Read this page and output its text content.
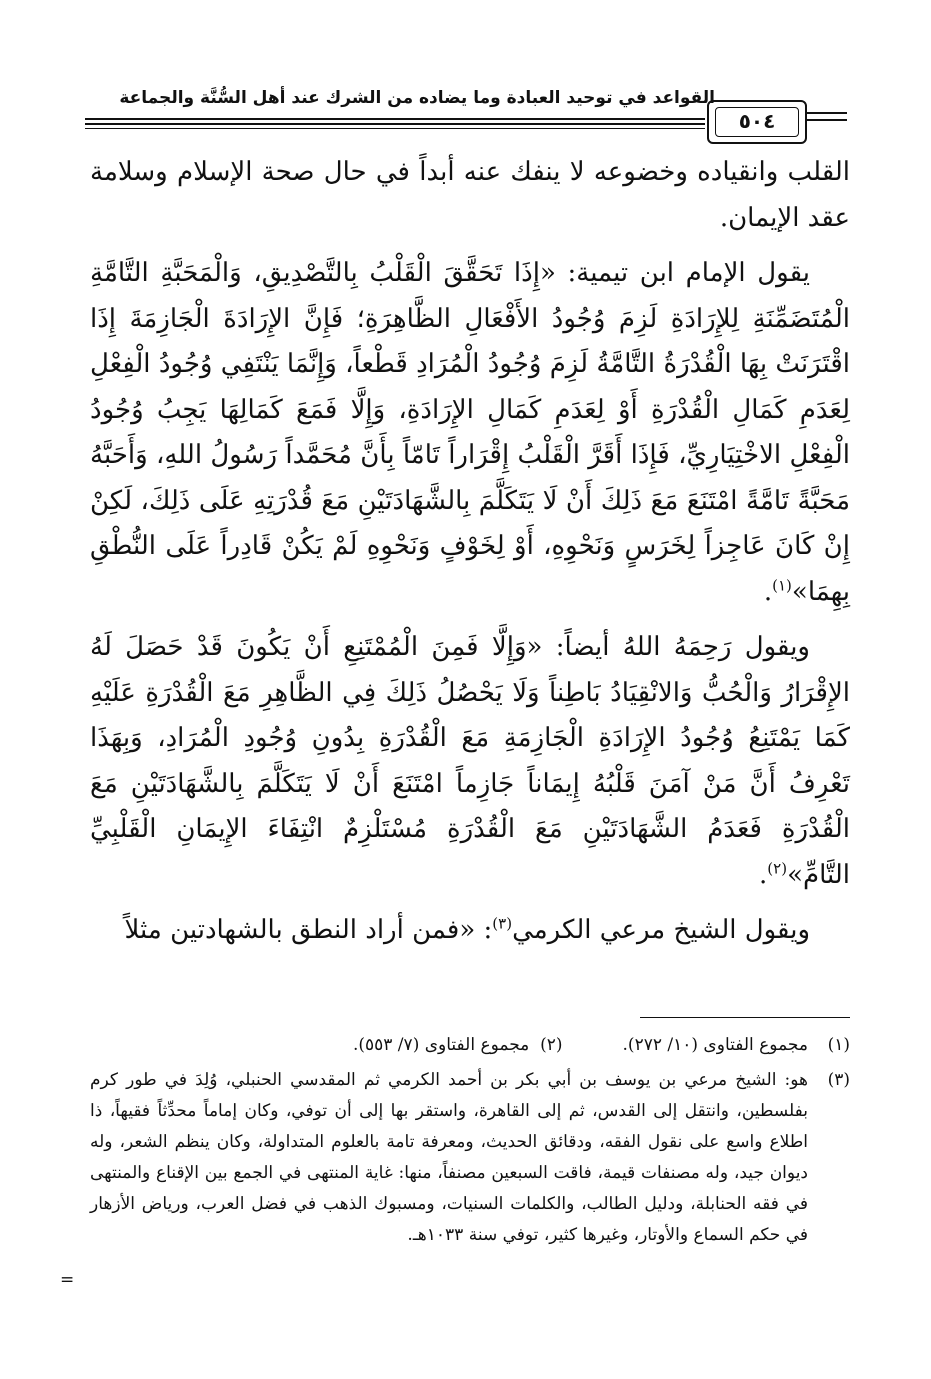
القواعد في توحيد العبادة وما يضاده من الشرك عند أهل السُّنَّة والجماعة
٥٠٤

القلب وانقياده وخضوعه لا ينفك عنه أبداً في حال صحة الإسلام وسلامة عقد الإيمان.

يقول الإمام ابن تيمية: «إِذَا تَحَقَّقَ الْقَلْبُ بِالتَّصْدِيقِ، وَالْمَحَبَّةِ التَّامَّةِ الْمُتَضَمِّنَةِ لِلإِرَادَةِ لَزِمَ وُجُودُ الأَفْعَالِ الظَّاهِرَةِ؛ فَإِنَّ الإِرَادَةَ الْجَازِمَةَ إِذَا اقْتَرَنَتْ بِهَا الْقُدْرَةُ التَّامَّةُ لَزِمَ وُجُودُ الْمُرَادِ قَطْعاً، وَإِنَّمَا يَنْتَفِي وُجُودُ الْفِعْلِ لِعَدَمِ كَمَالِ الْقُدْرَةِ أَوْ لِعَدَمِ كَمَالِ الإِرَادَةِ، وَإِلَّا فَمَعَ كَمَالِهَا يَجِبُ وُجُودُ الْفِعْلِ الاخْتِيَارِيِّ، فَإِذَا أَقَرَّ الْقَلْبُ إِقْرَاراً تَامّاً بِأَنَّ مُحَمَّداً رَسُولُ اللهِ، وَأَحَبَّهُ مَحَبَّةً تَامَّةً امْتَنَعَ مَعَ ذَلِكَ أَنْ لَا يَتَكَلَّمَ بِالشَّهَادَتَيْنِ مَعَ قُدْرَتِهِ عَلَى ذَلِكَ، لَكِنْ إِنْ كَانَ عَاجِزاً لِخَرَسٍ وَنَحْوِهِ، أَوْ لِخَوْفٍ وَنَحْوِهِ لَمْ يَكُنْ قَادِراً عَلَى النُّطْقِ بِهِمَا»$^{(١)}$.

ويقول رَحِمَهُ اللهُ أيضاً: «وَإِلَّا فَمِنَ الْمُمْتَنِعِ أَنْ يَكُونَ قَدْ حَصَلَ لَهُ الإِقْرَارُ وَالْحُبُّ وَالانْقِيَادُ بَاطِناً وَلَا يَحْصُلُ ذَلِكَ فِي الظَّاهِرِ مَعَ الْقُدْرَةِ عَلَيْهِ كَمَا يَمْتَنِعُ وُجُودُ الإِرَادَةِ الْجَازِمَةِ مَعَ الْقُدْرَةِ بِدُونِ وُجُودِ الْمُرَادِ، وَبِهَذَا تَعْرِفُ أَنَّ مَنْ آمَنَ قَلْبُهُ إِيمَاناً جَازِماً امْتَنَعَ أَنْ لَا يَتَكَلَّمَ بِالشَّهَادَتَيْنِ مَعَ الْقُدْرَةِ فَعَدَمُ الشَّهَادَتَيْنِ مَعَ الْقُدْرَةِ مُسْتَلْزِمٌ انْتِفَاءَ الإِيمَانِ الْقَلْبِيِّ التَّامِّ»$^{(٢)}$.

ويقول الشيخ مرعي الكرمي$^{(٣)}$: «فمن أراد النطق بالشهادتين مثلاً

(١)
مجموع الفتاوى (١٠/ ٢٧٢).(٢)  مجموع الفتاوى (٧/ ٥٥٣).
(٣)
هو: الشيخ مرعي بن يوسف بن أبي بكر بن أحمد الكرمي ثم المقدسي الحنبلي، وُلِدَ في طور كرم بفلسطين، وانتقل إلى القدس، ثم إلى القاهرة، واستقر بها إلى أن توفي، وكان إماماً محدِّثاً فقيهاً، ذا اطلاع واسع على نقول الفقه، ودقائق الحديث، ومعرفة تامة بالعلوم المتداولة، وكان ينظم الشعر، وله ديوان جيد، وله مصنفات قيمة، فاقت السبعين مصنفاً، منها: غاية المنتهى في الجمع بين الإقناع والمنتهى في فقه الحنابلة، ودليل الطالب، والكلمات السنيات، ومسبوك الذهب في فضل العرب، ورياض الأزهار في حكم السماع والأوتار، وغيرها كثير، توفي سنة ١٠٣٣هـ.
=
